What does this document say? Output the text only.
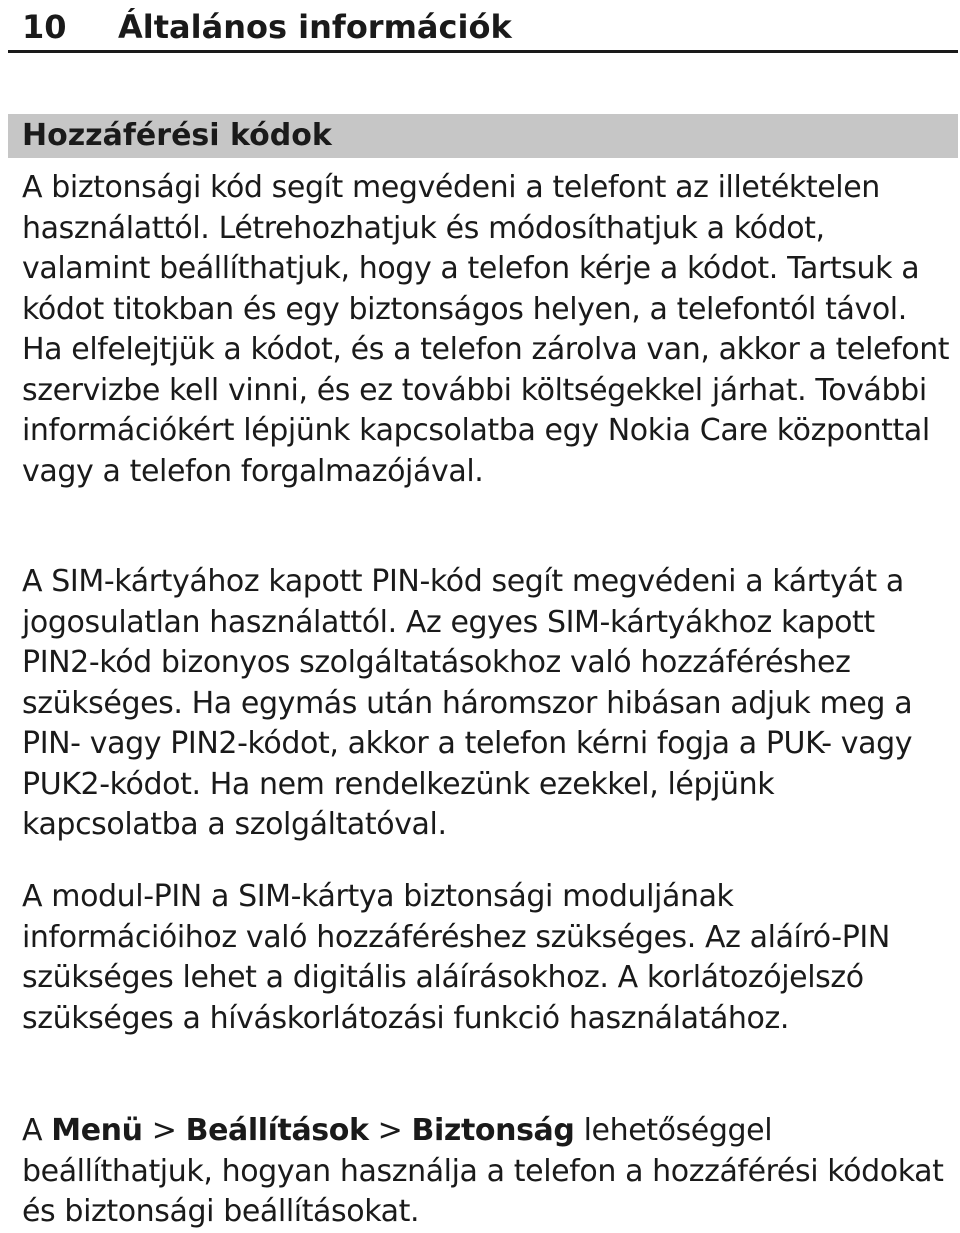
10 Általános információk
Hozzáférési kódok

A biztonsági kód segít megvédeni a telefont az illetéktelen használattól. Létrehozhatjuk és módosíthatjuk a kódot, valamint beállíthatjuk, hogy a telefon kérje a kódot. Tartsuk a kódot titokban és egy biztonságos helyen, a telefontól távol. Ha elfelejtjük a kódot, és a telefon zárolva van, akkor a telefont szervizbe kell vinni, és ez további költségekkel járhat. További információkért lépjünk kapcsolatba egy Nokia Care központtal vagy a telefon forgalmazójával.

A SIM-kártyához kapott PIN-kód segít megvédeni a kártyát a jogosulatlan használattól. Az egyes SIM-kártyákhoz kapott PIN2-kód bizonyos szolgáltatásokhoz való hozzáféréshez szükséges. Ha egymás után háromszor hibásan adjuk meg a PIN- vagy PIN2-kódot, akkor a telefon kérni fogja a PUK- vagy PUK2-kódot. Ha nem rendelkezünk ezekkel, lépjünk kapcsolatba a szolgáltatóval.

A modul-PIN a SIM-kártya biztonsági moduljának információihoz való hozzáféréshez szükséges. Az aláíró-PIN szükséges lehet a digitális aláírásokhoz. A korlátozójelszó szükséges a híváskorlátozási funkció használatához.

A Menü > Beállítások > Biztonság lehetőséggel beállíthatjuk, hogyan használja a telefon a hozzáférési kódokat és biztonsági beállításokat.
